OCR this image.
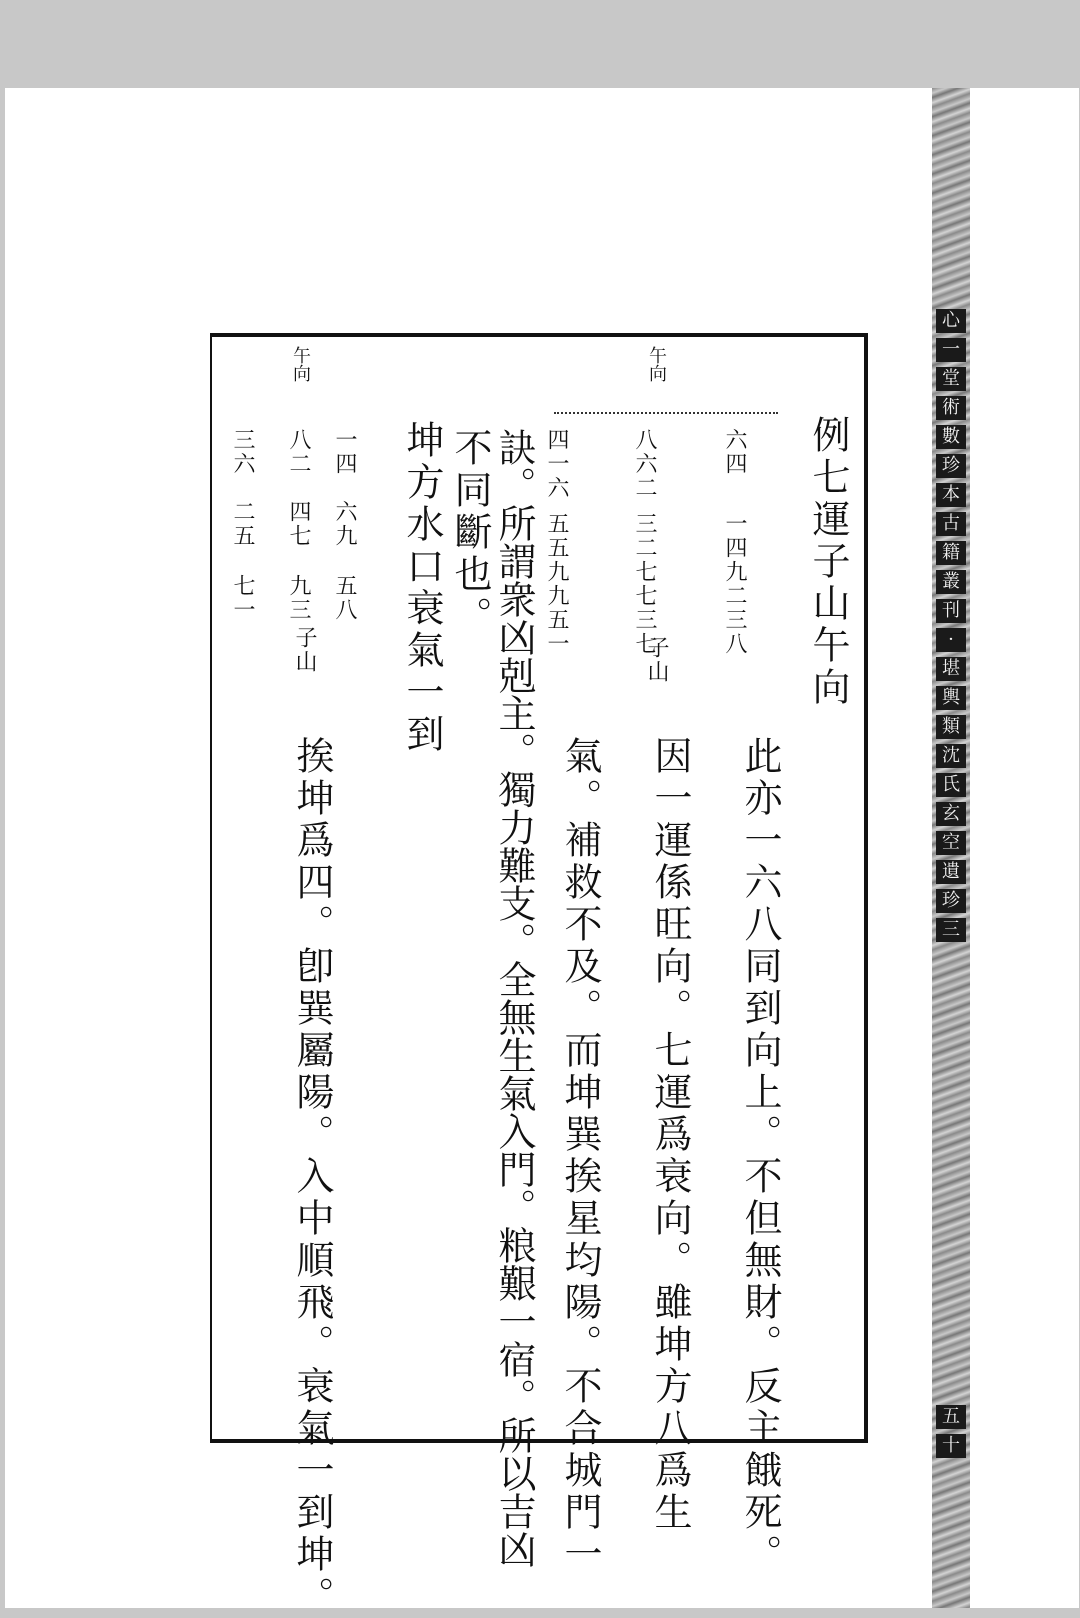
心
一
堂
術
數
珍
本
古
籍
叢
刊
·
堪
輿
類
沈
氏
玄
空
遺
珍
三
五
十
例七運子山午向
午向
六四
一四九
二三八
八六二
三二七
七三七
子山
四一六
五五九
九五一
此亦一六八同到向上。不但無財。反主餓死。
因一運係旺向。七運爲衰向。雖坤方八爲生
氣。補救不及。而坤巽挨星均陽。不合城門一
訣。所謂衆凶剋主。獨力難支。全無生氣入門。粮艱一宿。所以吉凶
不同斷也。
坤方水口衰氣一到
午向
一四
六九
五八
八二
四七
九三
子山
三六
二五
七一
挨坤爲四。卽巽屬陽。入中順飛。衰氣一到坤。
